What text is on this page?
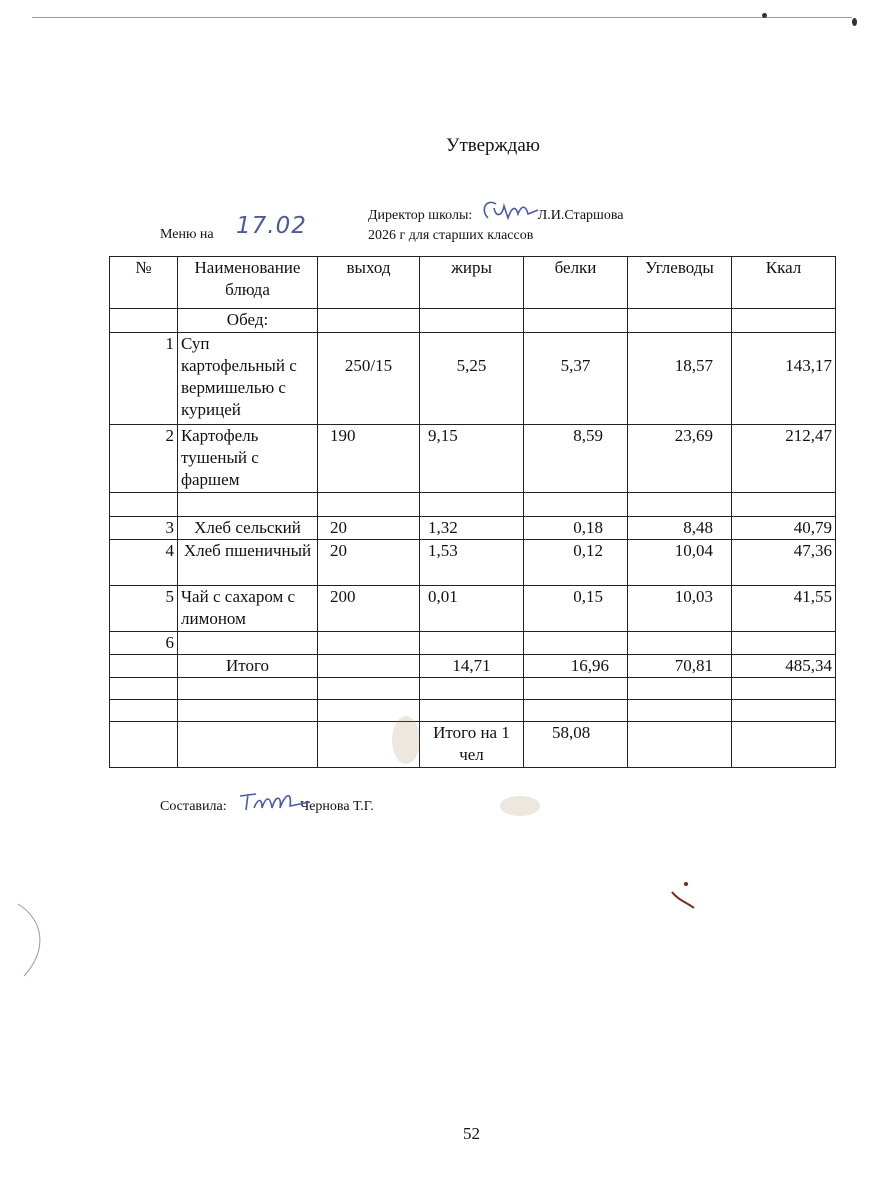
Утверждаю
Директор школы:	Л.И.Старшова
2026 г для старших классов
Меню на 17.02
№	Наименование блюда	выход	жиры	белки	Углеводы	Ккал
	Обед:					
1	Суп картофельный с вермишелью с курицей	250/15	5,25	5,37	18,57	143,17
2	Картофель тушеный с фаршем	190	9,15	8,59	23,69	212,47

3	Хлеб сельский	20	1,32	0,18	8,48	40,79
4	Хлеб пшеничный	20	1,53	0,12	10,04	47,36
5	Чай с сахаром с лимоном	200	0,01	0,15	10,03	41,55
6						
	Итого		14,71	16,96	70,81	485,34

			Итого на 1 чел	58,08		
Составила:	Чернова Т.Г.
52
